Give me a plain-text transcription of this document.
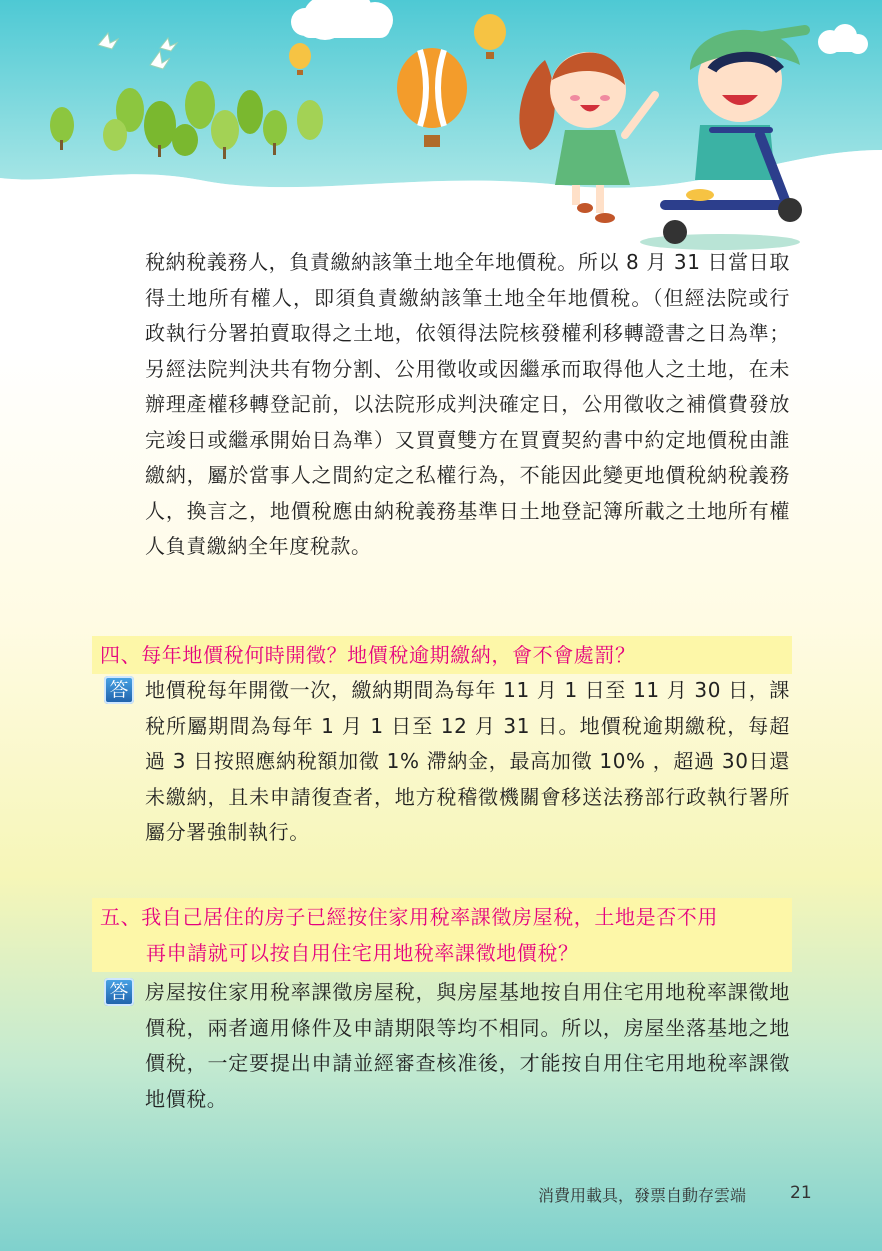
稅納稅義務人，負責繳納該筆土地全年地價稅。所以 8 月 31 日當日取得土地所有權人，即須負責繳納該筆土地全年地價稅。（但經法院或行政執行分署拍賣取得之土地，依領得法院核發權利移轉證書之日為準；另經法院判決共有物分割、公用徵收或因繼承而取得他人之土地，在未辦理產權移轉登記前，以法院形成判決確定日，公用徵收之補償費發放完竣日或繼承開始日為準）又買賣雙方在買賣契約書中約定地價稅由誰繳納，屬於當事人之間約定之私權行為，不能因此變更地價稅納稅義務人，換言之，地價稅應由納稅義務基準日土地登記簿所載之土地所有權人負責繳納全年度稅款。

四、每年地價稅何時開徵？地價稅逾期繳納，會不會處罰？
答 地價稅每年開徵一次，繳納期間為每年 11 月 1 日至 11 月 30 日，課稅所屬期間為每年 1 月 1 日至 12 月 31 日。地價稅逾期繳稅，每超過 3 日按照應納稅額加徵 1% 滯納金，最高加徵 10% ，超過 30日還未繳納，且未申請復查者，地方稅稽徵機關會移送法務部行政執行署所屬分署強制執行。

五、我自己居住的房子已經按住家用稅率課徵房屋稅，土地是否不用
再申請就可以按自用住宅用地稅率課徵地價稅？
答 房屋按住家用稅率課徵房屋稅，與房屋基地按自用住宅用地稅率課徵地價稅，兩者適用條件及申請期限等均不相同。所以，房屋坐落基地之地價稅，一定要提出申請並經審查核准後，才能按自用住宅用地稅率課徵地價稅。

消費用載具，發票自動存雲端	21
